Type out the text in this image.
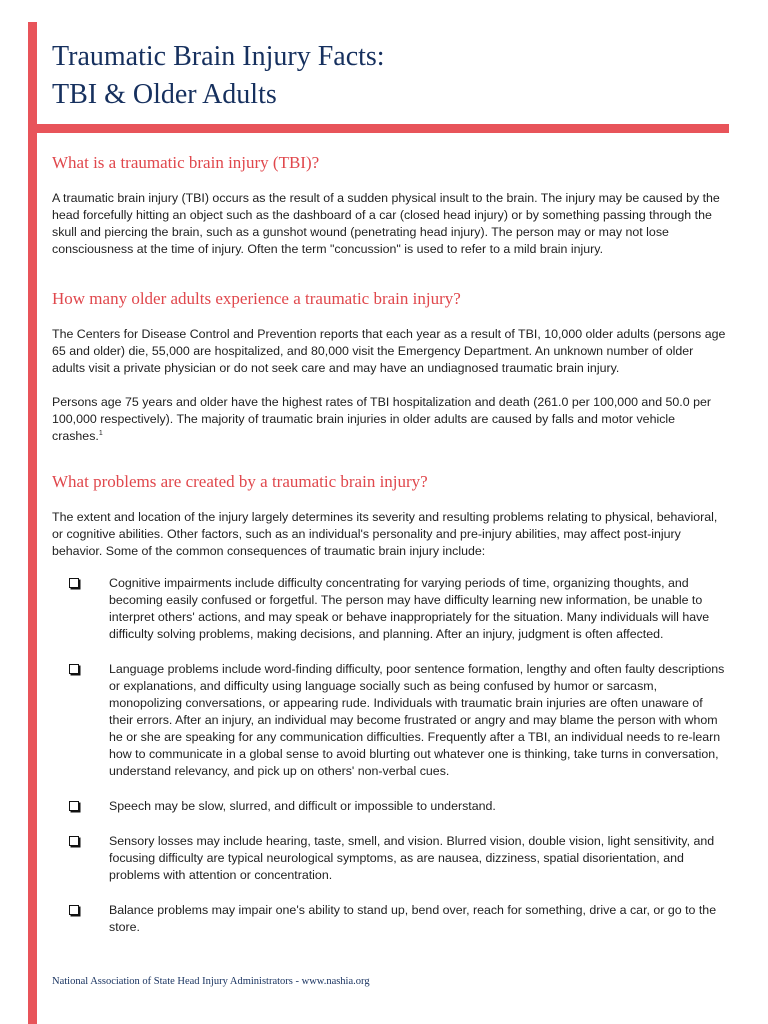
Traumatic Brain Injury Facts:
TBI & Older Adults
What is a traumatic brain injury (TBI)?

A traumatic brain injury (TBI) occurs as the result of a sudden physical insult to the brain. The injury may be caused by the head forcefully hitting an object such as the dashboard of a car (closed head injury) or by something passing through the skull and piercing the brain, such as a gunshot wound (penetrating head injury). The person may or may not lose consciousness at the time of injury. Often the term "concussion" is used to refer to a mild brain injury.

How many older adults experience a traumatic brain injury?

The Centers for Disease Control and Prevention reports that each year as a result of TBI, 10,000 older adults (persons age 65 and older) die, 55,000 are hospitalized, and 80,000 visit the Emergency Department. An unknown number of older adults visit a private physician or do not seek care and may have an undiagnosed traumatic brain injury.

Persons age 75 years and older have the highest rates of TBI hospitalization and death (261.0 per 100,000 and 50.0 per 100,000 respectively). The majority of traumatic brain injuries in older adults are caused by falls and motor vehicle crashes.$^1$

What problems are created by a traumatic brain injury?

The extent and location of the injury largely determines its severity and resulting problems relating to physical, behavioral, or cognitive abilities. Other factors, such as an individual's personality and pre-injury abilities, may affect post-injury behavior. Some of the common consequences of traumatic brain injury include:

Cognitive impairments include difficulty concentrating for varying periods of time, organizing thoughts, and becoming easily confused or forgetful. The person may have difficulty learning new information, be unable to interpret others' actions, and may speak or behave inappropriately for the situation. Many individuals will have difficulty solving problems, making decisions, and planning. After an injury, judgment is often affected.
Language problems include word-finding difficulty, poor sentence formation, lengthy and often faulty descriptions or explanations, and difficulty using language socially such as being confused by humor or sarcasm, monopolizing conversations, or appearing rude. Individuals with traumatic brain injuries are often unaware of their errors. After an injury, an individual may become frustrated or angry and may blame the person with whom he or she are speaking for any communication difficulties. Frequently after a TBI, an individual needs to re-learn how to communicate in a global sense to avoid blurting out whatever one is thinking, take turns in conversation, understand relevancy, and pick up on others' non-verbal cues.
Speech may be slow, slurred, and difficult or impossible to understand.
Sensory losses may include hearing, taste, smell, and vision. Blurred vision, double vision, light sensitivity, and focusing difficulty are typical neurological symptoms, as are nausea, dizziness, spatial disorientation, and problems with attention or concentration.
Balance problems may impair one's ability to stand up, bend over, reach for something, drive a car, or go to the store.
National Association of State Head Injury Administrators - www.nashia.org
